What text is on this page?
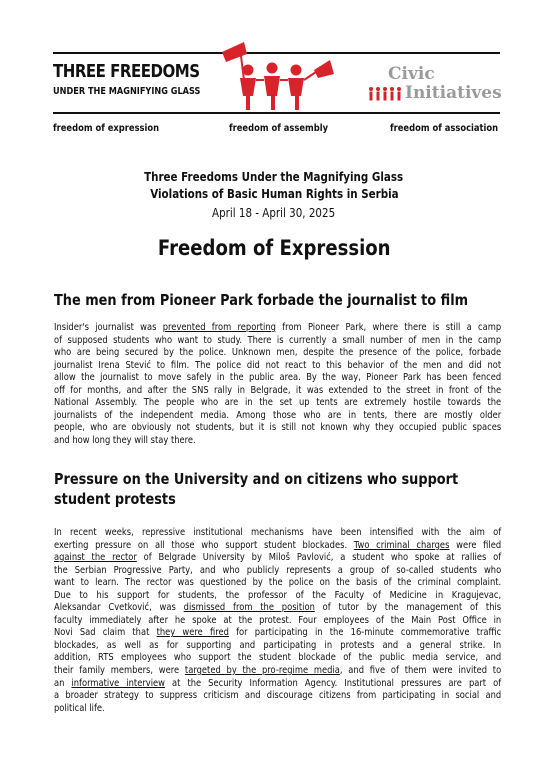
THREE FREEDOMS
UNDER THE MAGNIFYING GLASS
Civic
Initiatives
freedom of expression	freedom of assembly	freedom of association
Three Freedoms Under the Magnifying Glass
Violations of Basic Human Rights in Serbia
April 18 - April 30, 2025
Freedom of Expression
The men from Pioneer Park forbade the journalist to film
Insider's journalist was prevented from reporting from Pioneer Park, where there is still a camp
of supposed students who want to study. There is currently a small number of men in the camp
who are being secured by the police. Unknown men, despite the presence of the police, forbade
journalist Irena Stević to film. The police did not react to this behavior of the men and did not
allow the journalist to move safely in the public area. By the way, Pioneer Park has been fenced
off for months, and after the SNS rally in Belgrade, it was extended to the street in front of the
National Assembly. The people who are in the set up tents are extremely hostile towards the
journalists of the independent media. Among those who are in tents, there are mostly older
people, who are obviously not students, but it is still not known why they occupied public spaces
and how long they will stay there.
Pressure on the University and on citizens who support student protests
In recent weeks, repressive institutional mechanisms have been intensified with the aim of
exerting pressure on all those who support student blockades. Two criminal charges were filed
against the rector of Belgrade University by Miloš Pavlović, a student who spoke at rallies of
the Serbian Progressive Party, and who publicly represents a group of so-called students who
want to learn. The rector was questioned by the police on the basis of the criminal complaint.
Due to his support for students, the professor of the Faculty of Medicine in Kragujevac,
Aleksandar Cvetković, was dismissed from the position of tutor by the management of this
faculty immediately after he spoke at the protest. Four employees of the Main Post Office in
Novi Sad claim that they were fired for participating in the 16-minute commemorative traffic
blockades, as well as for supporting and participating in protests and a general strike. In
addition, RTS employees who support the student blockade of the public media service, and
their family members, were targeted by the pro-regime media, and five of them were invited to
an informative interview at the Security Information Agency. Institutional pressures are part of
a broader strategy to suppress criticism and discourage citizens from participating in social and
political life.
